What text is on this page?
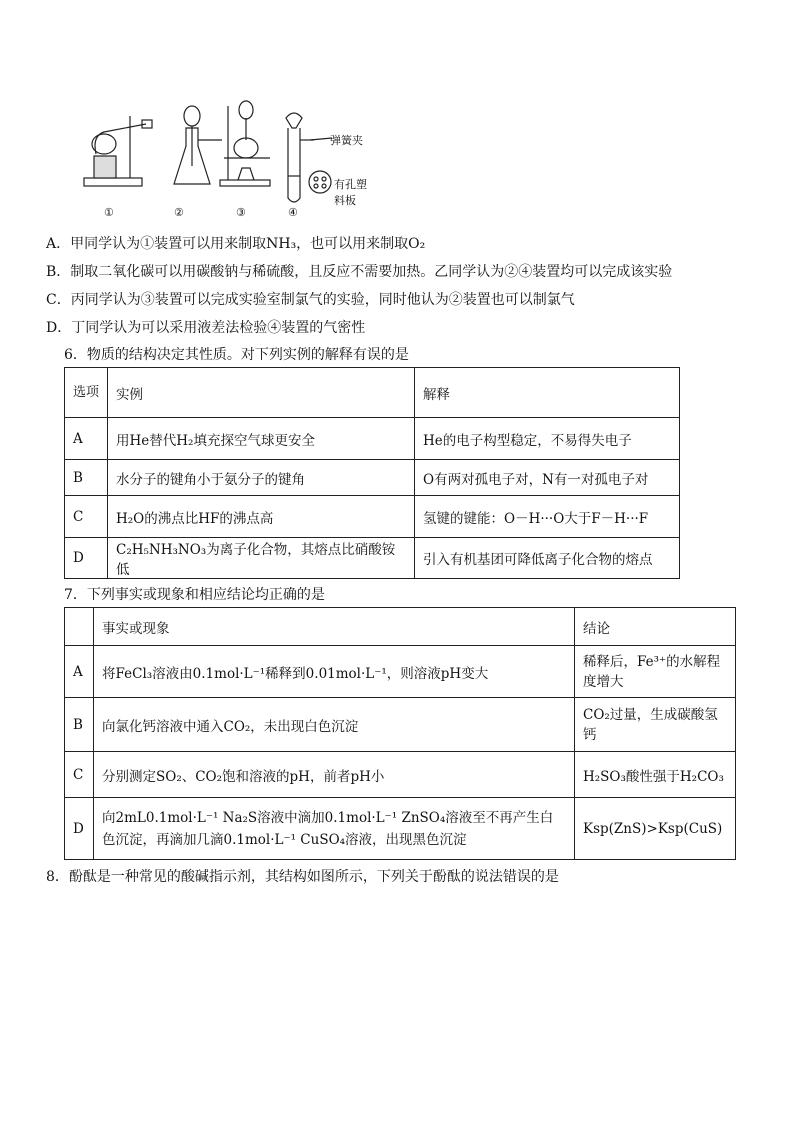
①	②	③	④
弹簧夹
有孔塑料板
A．甲同学认为①装置可以用来制取NH₃，也可以用来制取O₂
B．制取二氧化碳可以用碳酸钠与稀硫酸，且反应不需要加热。乙同学认为②④装置均可以完成该实验
C．丙同学认为③装置可以完成实验室制氯气的实验，同时他认为②装置也可以制氯气
D．丁同学认为可以采用液差法检验④装置的气密性
6．物质的结构决定其性质。对下列实例的解释有误的是
选项	实例	解释
A	用He替代H₂填充探空气球更安全	He的电子构型稳定，不易得失电子
B	水分子的键角小于氨分子的键角	O有两对孤电子对，N有一对孤电子对
C	H₂O的沸点比HF的沸点高	氢键的键能：O－H···O大于F－H···F
D	C₂H₅NH₃NO₃为离子化合物，其熔点比硝酸铵低	引入有机基团可降低离子化合物的熔点
7．下列事实或现象和相应结论均正确的是
	事实或现象	结论
A	将FeCl₃溶液由0.1mol·L⁻¹稀释到0.01mol·L⁻¹，则溶液pH变大	稀释后，Fe³⁺的水解程度增大
B	向氯化钙溶液中通入CO₂，未出现白色沉淀	CO₂过量，生成碳酸氢钙
C	分别测定SO₂、CO₂饱和溶液的pH，前者pH小	H₂SO₃酸性强于H₂CO₃
D	向2mL0.1mol·L⁻¹ Na₂S溶液中滴加0.1mol·L⁻¹ ZnSO₄溶液至不再产生白色沉淀，再滴加几滴0.1mol·L⁻¹ CuSO₄溶液，出现黑色沉淀	Ksp(ZnS)>Ksp(CuS)
8．酚酞是一种常见的酸碱指示剂，其结构如图所示，下列关于酚酞的说法错误的是
